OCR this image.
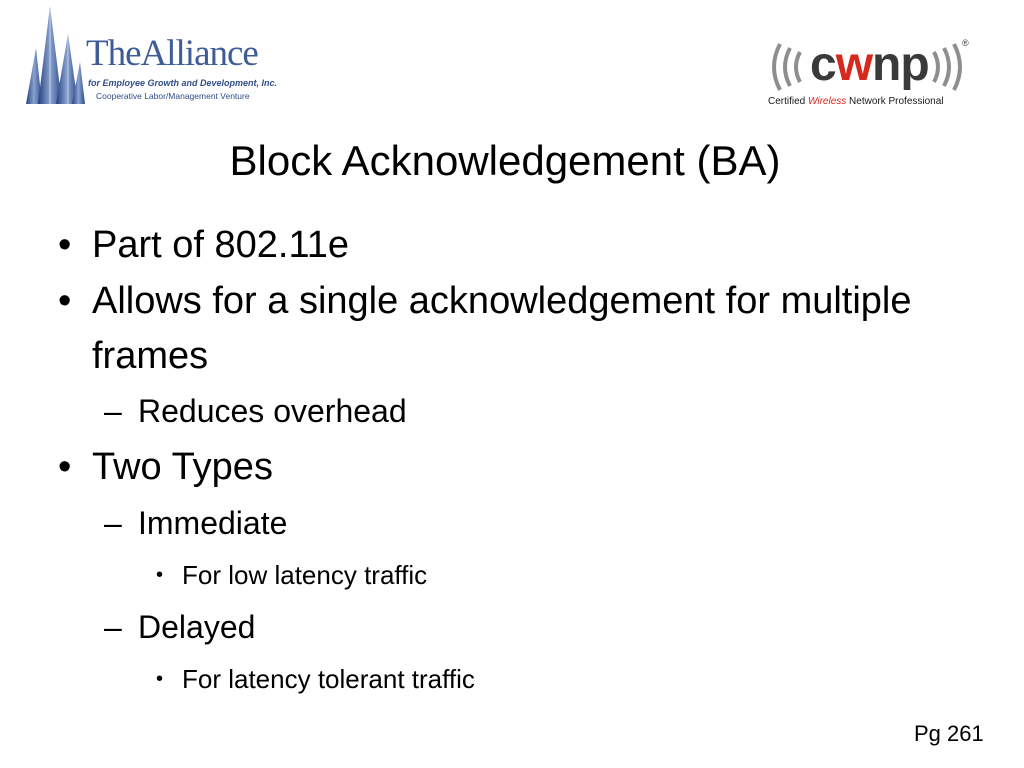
TheAlliance
for Employee Growth and Development, Inc.
Cooperative Labor/Management Venture
cwnp	®
Certified Wireless Network Professional
Block Acknowledgement (BA)
• Part of 802.11e
• Allows for a single acknowledgement for multiple frames
– Reduces overhead
• Two Types
– Immediate
• For low latency traffic
– Delayed
• For latency tolerant traffic
Pg 261
